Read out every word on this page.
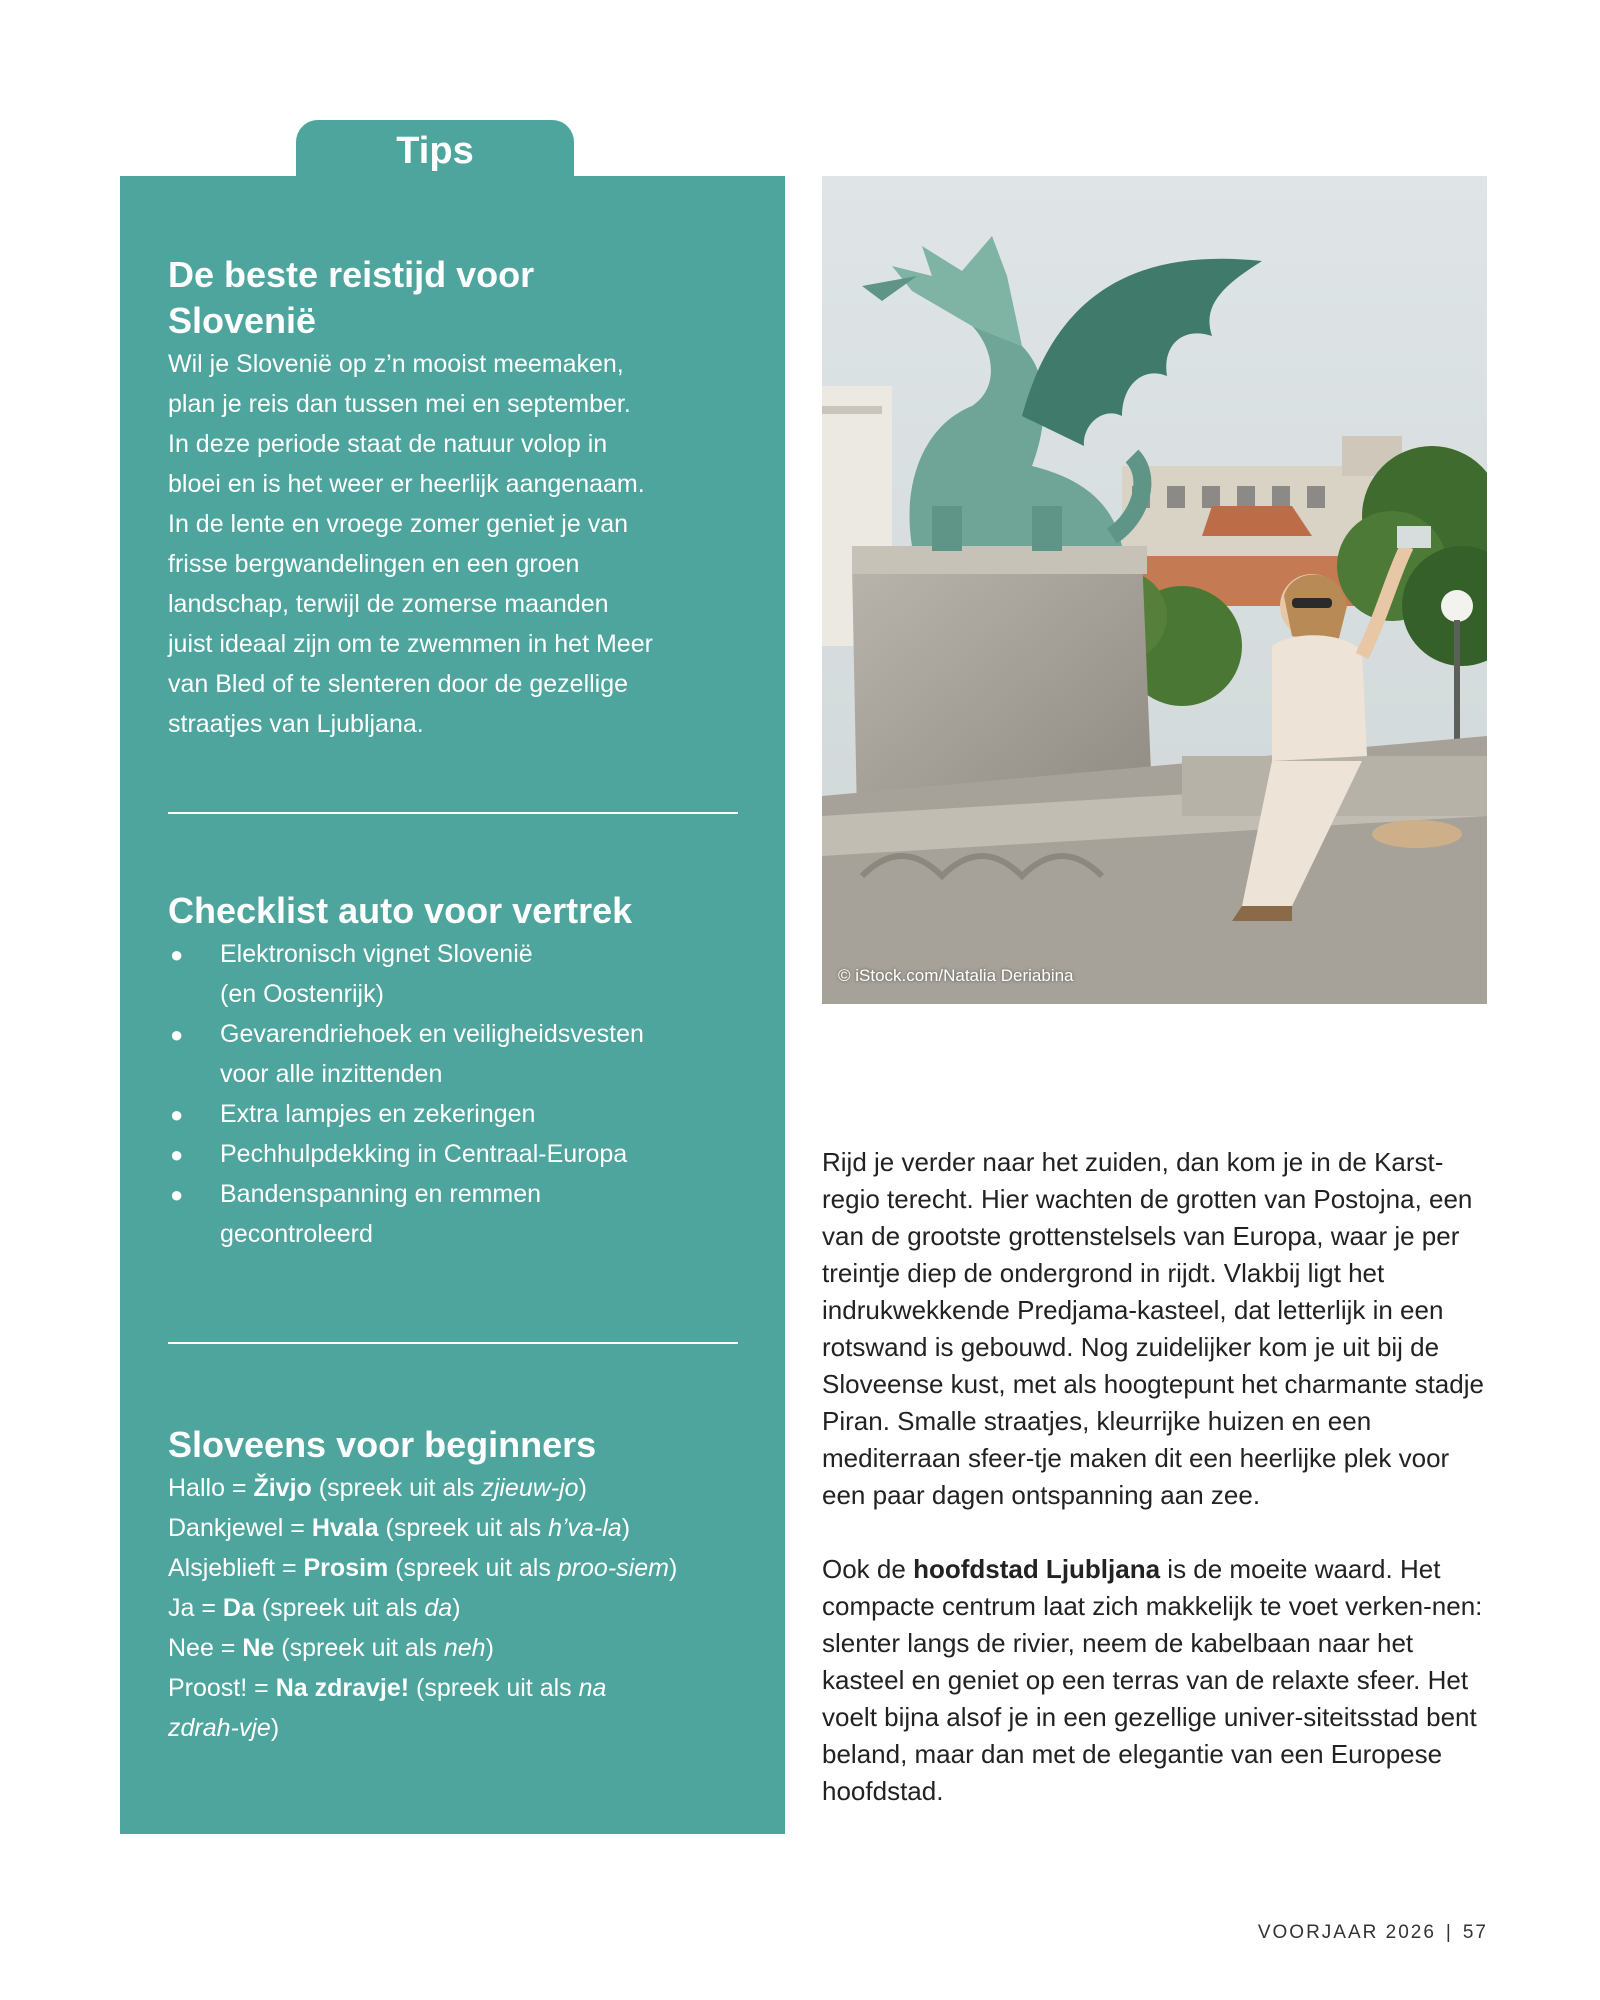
Tips
De beste reistijd voor
Slovenië

Wil je Slovenië op z’n mooist meemaken,
plan je reis dan tussen mei en september.
In deze periode staat de natuur volop in
bloei en is het weer er heerlijk aangenaam.
In de lente en vroege zomer geniet je van
frisse bergwandelingen en een groen
landschap, terwijl de zomerse maanden
juist ideaal zijn om te zwemmen in het Meer
van Bled of te slenteren door de gezellige
straatjes van Ljubljana.

Checklist auto voor vertrek
● Elektronisch vignet Slovenië
(en Oostenrijk)
● Gevarendriehoek en veiligheidsvesten
voor alle inzittenden
● Extra lampjes en zekeringen
● Pechhulpdekking in Centraal-Europa
● Bandenspanning en remmen
gecontroleerd
Sloveens voor beginners
Hallo = Živjo (spreek uit als zjieuw-jo)
Dankjewel = Hvala (spreek uit als h’va-la)
Alsjeblieft = Prosim (spreek uit als proo-siem)
Ja = Da (spreek uit als da)
Nee = Ne (spreek uit als neh)
Proost! = Na zdravje! (spreek uit als na
zdrah-vje)
© iStock.com/Natalia Deriabina

Rijd je verder naar het zuiden, dan kom je in de Karst-regio terecht. Hier wachten de grotten van Postojna, een van de grootste grottenstelsels van Europa, waar je per treintje diep de ondergrond in rijdt. Vlakbij ligt het indrukwekkende Predjama-kasteel, dat letterlijk in een rotswand is gebouwd. Nog zuidelijker kom je uit bij de Sloveense kust, met als hoogtepunt het charmante stadje Piran. Smalle straatjes, kleurrijke huizen en een mediterraan sfeer-tje maken dit een heerlijke plek voor een paar dagen ontspanning aan zee.

Ook de hoofdstad Ljubljana is de moeite waard. Het compacte centrum laat zich makkelijk te voet verken-nen: slenter langs de rivier, neem de kabelbaan naar het kasteel en geniet op een terras van de relaxte sfeer. Het voelt bijna alsof je in een gezellige univer-siteitsstad bent beland, maar dan met de elegantie van een Europese hoofdstad.

VOORJAAR 2026 | 57
